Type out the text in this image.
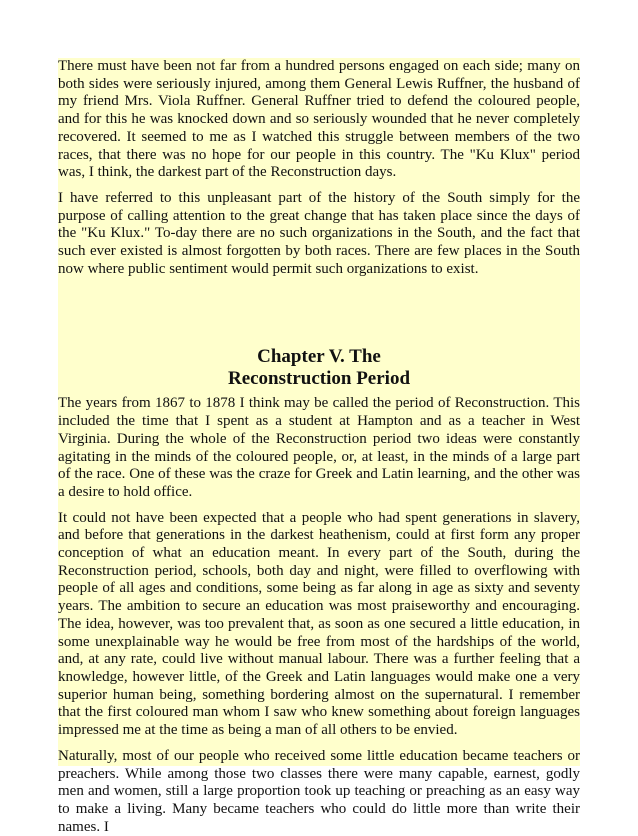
There must have been not far from a hundred persons engaged on each side; many on both sides were seriously injured, among them General Lewis Ruffner, the husband of my friend Mrs. Viola Ruffner. General Ruffner tried to defend the coloured people, and for this he was knocked down and so seriously wounded that he never completely recovered. It seemed to me as I watched this struggle between members of the two races, that there was no hope for our people in this country. The "Ku Klux" period was, I think, the darkest part of the Reconstruction days.

I have referred to this unpleasant part of the history of the South simply for the purpose of calling attention to the great change that has taken place since the days of the "Ku Klux." To-day there are no such organizations in the South, and the fact that such ever existed is almost forgotten by both races. There are few places in the South now where public sentiment would permit such organizations to exist.

Chapter V. The
Reconstruction Period

The years from 1867 to 1878 I think may be called the period of Reconstruction. This included the time that I spent as a student at Hampton and as a teacher in West Virginia. During the whole of the Reconstruction period two ideas were constantly agitating in the minds of the coloured people, or, at least, in the minds of a large part of the race. One of these was the craze for Greek and Latin learning, and the other was a desire to hold office.

It could not have been expected that a people who had spent generations in slavery, and before that generations in the darkest heathenism, could at first form any proper conception of what an education meant. In every part of the South, during the Reconstruction period, schools, both day and night, were filled to overflowing with people of all ages and conditions, some being as far along in age as sixty and seventy years. The ambition to secure an education was most praiseworthy and encouraging. The idea, however, was too prevalent that, as soon as one secured a little education, in some unexplainable way he would be free from most of the hardships of the world, and, at any rate, could live without manual labour. There was a further feeling that a knowledge, however little, of the Greek and Latin languages would make one a very superior human being, something bordering almost on the supernatural. I remember that the first coloured man whom I saw who knew something about foreign languages impressed me at the time as being a man of all others to be envied.

Naturally, most of our people who received some little education became teachers or preachers. While among those two classes there were many capable, earnest, godly men and women, still a large proportion took up teaching or preaching as an easy way to make a living. Many became teachers who could do little more than write their names. I
